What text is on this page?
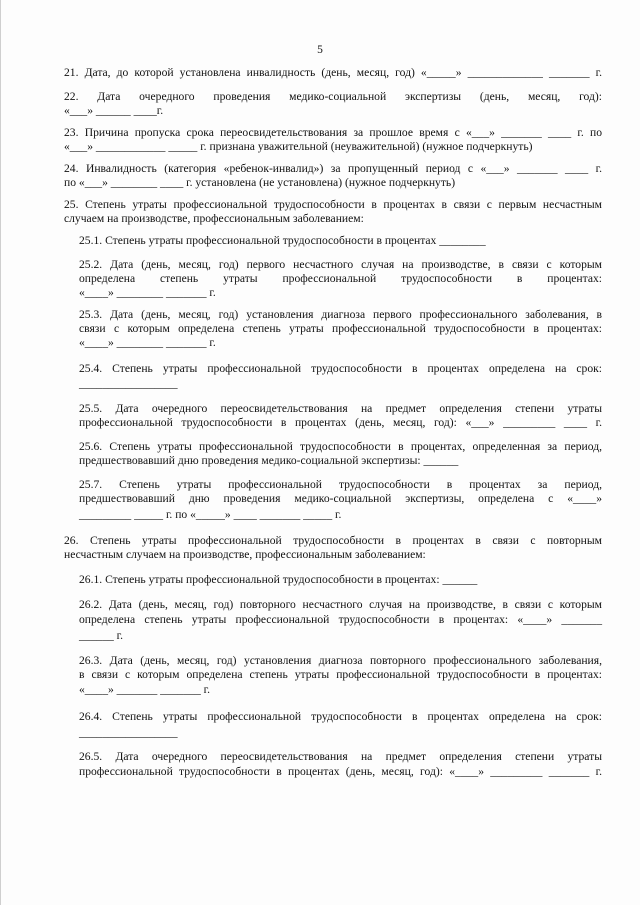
5
21. Дата, до которой установлена инвалидность (день, месяц, год) «_____» _____________ _______ г.
22. Дата очередного проведения медико-социальной экспертизы (день, месяц, год):
«___» ______ ____г.
23. Причина пропуска срока переосвидетельствования за прошлое время с «___» _______ ____ г. по
«___» ____________ _____ г. признана уважительной (неуважительной) (нужное подчеркнуть)
24. Инвалидность (категория «ребенок-инвалид») за пропущенный период с «___» _______ ____ г.
по «___» ________ ____ г. установлена (не установлена) (нужное подчеркнуть)
25. Степень утраты профессиональной трудоспособности в процентах в связи с первым несчастным
случаем на производстве, профессиональным заболеванием:
25.1. Степень утраты профессиональной трудоспособности в процентах ________
25.2. Дата (день, месяц, год) первого несчастного случая на производстве, в связи с которым
определена степень утраты профессиональной трудоспособности в процентах:
«____» ________ _______ г.
25.3. Дата (день, месяц, год) установления диагноза первого профессионального заболевания, в
связи с которым определена степень утраты профессиональной трудоспособности в процентах:
«____» ________ _______ г.
25.4. Степень утраты профессиональной трудоспособности в процентах определена на срок:
_________________
25.5. Дата очередного переосвидетельствования на предмет определения степени утраты
профессиональной трудоспособности в процентах (день, месяц, год): «___» _________ ____ г.
25.6. Степень утраты профессиональной трудоспособности в процентах, определенная за период,
предшествовавший дню проведения медико-социальной экспертизы: ______
25.7. Степень утраты профессиональной трудоспособности в процентах за период,
предшествовавший дню проведения медико-социальной экспертизы, определена с «____»
_________ _____ г. по «_____» ____ _______ _____ г.
26. Степень утраты профессиональной трудоспособности в процентах в связи с повторным
несчастным случаем на производстве, профессиональным заболеванием:
26.1. Степень утраты профессиональной трудоспособности в процентах: ______
26.2. Дата (день, месяц, год) повторного несчастного случая на производстве, в связи с которым
определена степень утраты профессиональной трудоспособности в процентах: «____» _______
______ г.
26.3. Дата (день, месяц, год) установления диагноза повторного профессионального заболевания,
в связи с которым определена степень утраты профессиональной трудоспособности в процентах:
«____» _______ _______ г.
26.4. Степень утраты профессиональной трудоспособности в процентах определена на срок:
_________________
26.5. Дата очередного переосвидетельствования на предмет определения степени утраты
профессиональной трудоспособности в процентах (день, месяц, год): «____» _________ _______ г.
